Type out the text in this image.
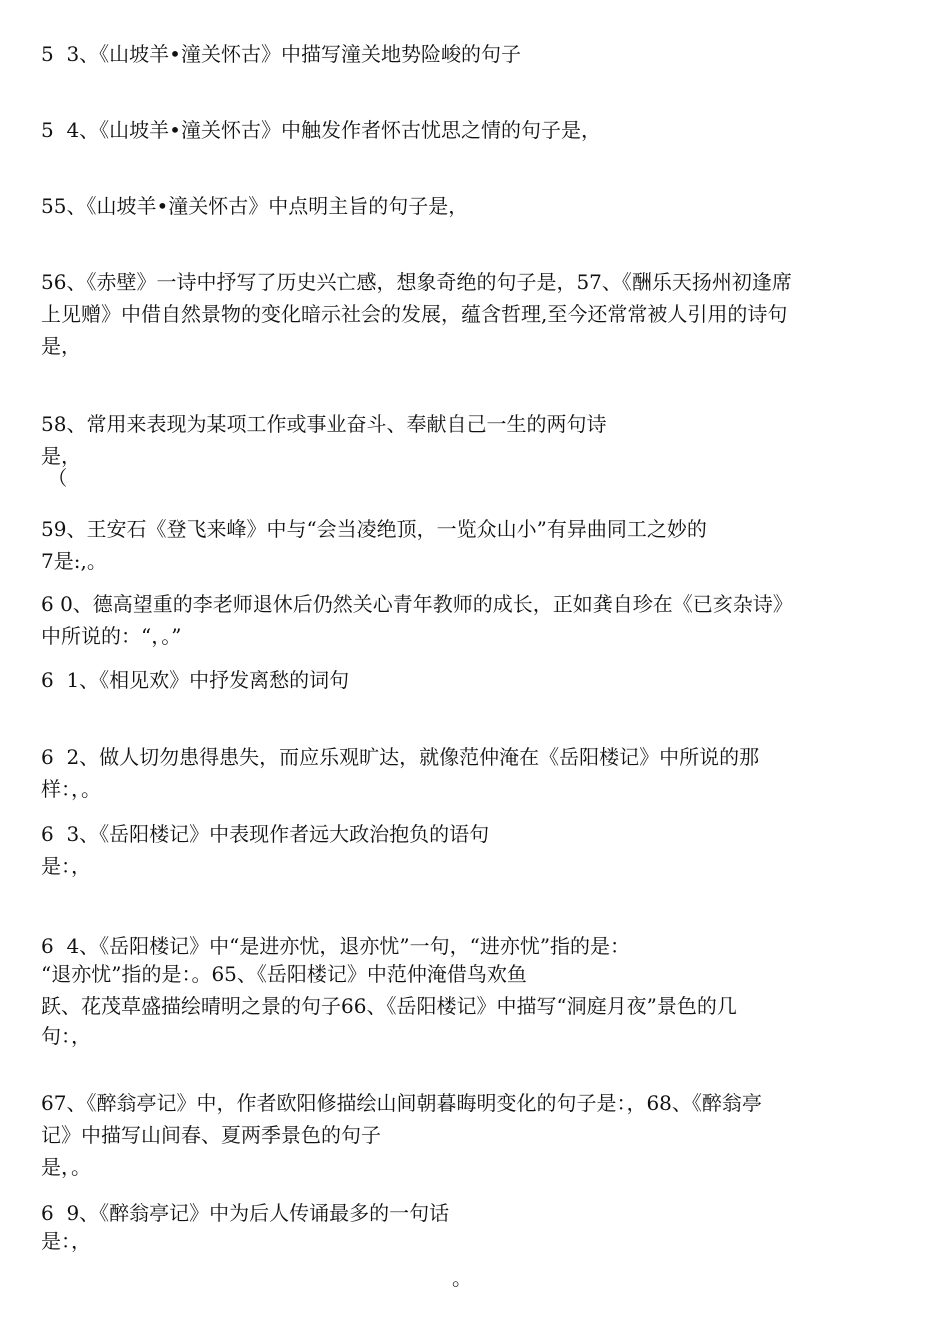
5  3、《山坡羊•潼关怀古》中描写潼关地势险峻的句子

5  4、《山坡羊•潼关怀古》中触发作者怀古忧思之情的句子是，

55、《山坡羊•潼关怀古》中点明主旨的句子是，

56、《赤壁》一诗中抒写了历史兴亡感，想象奇绝的句子是，57、《酬乐天扬州初逢席

上见赠》中借自然景物的变化暗示社会的发展，蕴含哲理,至今还常常被人引用的诗句

是，

58、常用来表现为某项工作或事业奋斗、奉献自己一生的两句诗

是，

（

59、王安石《登飞来峰》中与“会当凌绝顶，一览众山小”有异曲同工之妙的

7是:,。

6 0、德高望重的李老师退休后仍然关心青年教师的成长，正如龚自珍在《已亥杂诗》

中所说的：“，。”

6  1、《相见欢》中抒发离愁的词句

6  2、做人切勿患得患失，而应乐观旷达，就像范仲淹在《岳阳楼记》中所说的那

样：，。

6  3、《岳阳楼记》中表现作者远大政治抱负的语句

是：，

6  4、《岳阳楼记》中“是进亦忧，退亦忧”一句，“进亦忧”指的是：

“退亦忧”指的是：。65、《岳阳楼记》中范仲淹借鸟欢鱼

跃、花茂草盛描绘晴明之景的句子66、《岳阳楼记》中描写“洞庭月夜”景色的几

句：，

67、《醉翁亭记》中，作者欧阳修描绘山间朝暮晦明变化的句子是：，68、《醉翁亭

记》中描写山间春、夏两季景色的句子

是，。

6  9、《醉翁亭记》中为后人传诵最多的一句话

是：，

。
